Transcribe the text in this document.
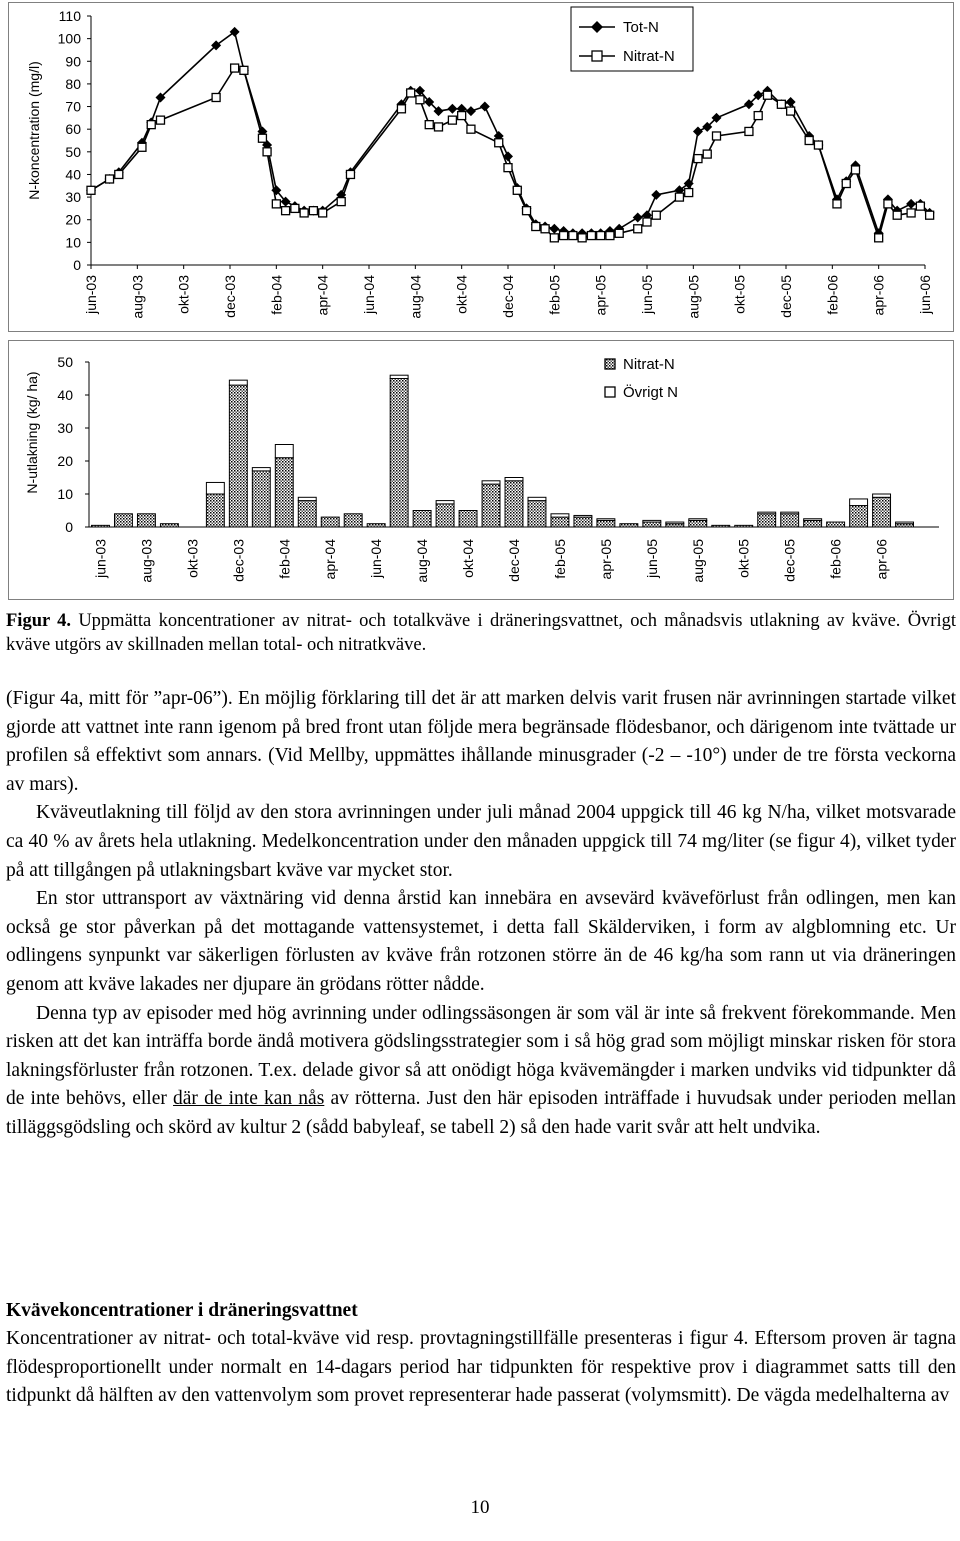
110
100
90
80
70
60
50
40
30
20
10
0
N-koncentration (mg/l)
jun-03 aug-03 okt-03 dec-03 feb-04 apr-04 jun-04 aug-04 okt-04 dec-04 feb-05 apr-05 jun-05 aug-05 okt-05 dec-05 feb-06 apr-06 jun-06
Tot-N
Nitrat-N
50
40
30
20
10
0
N-utlakning (kg/ ha)
jun-03 aug-03 okt-03 dec-03 feb-04 apr-04 jun-04 aug-04 okt-04 dec-04 feb-05 apr-05 jun-05 aug-05 okt-05 dec-05 feb-06 apr-06
Nitrat-N
Övrigt N

Figur 4. Uppmätta koncentrationer av nitrat- och totalkväve i dräneringsvattnet, och månadsvis utlakning av kväve. Övrigt kväve utgörs av skillnaden mellan total- och nitratkväve.

(Figur 4a, mitt för ”apr-06”). En möjlig förklaring till det är att marken delvis varit frusen när avrinningen startade vilket gjorde att vattnet inte rann igenom på bred front utan följde mera begränsade flödesbanor, och därigenom inte tvättade ur profilen så effektivt som annars. (Vid Mellby, uppmättes ihållande minusgrader (-2 – -10°) under de tre första veckorna av mars).

Kväveutlakning till följd av den stora avrinningen under juli månad 2004 uppgick till 46 kg N/ha, vilket motsvarade ca 40 % av årets hela utlakning. Medelkoncentration under den månaden uppgick till 74 mg/liter (se figur 4), vilket tyder på att tillgången på utlakningsbart kväve var mycket stor.

En stor uttransport av växtnäring vid denna årstid kan innebära en avsevärd kväveförlust från odlingen, men kan också ge stor påverkan på det mottagande vattensystemet, i detta fall Skälderviken, i form av algblomning etc. Ur odlingens synpunkt var säkerligen förlusten av kväve från rotzonen större än de 46 kg/ha som rann ut via dräneringen genom att kväve lakades ner djupare än grödans rötter nådde.

Denna typ av episoder med hög avrinning under odlingssäsongen är som väl är inte så frekvent förekommande. Men risken att det kan inträffa borde ändå motivera gödslingsstrategier som i så hög grad som möjligt minskar risken för stora lakningsförluster från rotzonen. T.ex. delade givor så att onödigt höga kvävemängder i marken undviks vid tidpunkter då de inte behövs, eller där de inte kan nås av rötterna. Just den här episoden inträffade i huvudsak under perioden mellan tilläggsgödsling och skörd av kultur 2 (sådd babyleaf, se tabell 2) så den hade varit svår att helt undvika.

Kvävekoncentrationer i dräneringsvattnet

Koncentrationer av nitrat- och total-kväve vid resp. provtagningstillfälle presenteras i figur 4. Eftersom proven är tagna flödesproportionellt under normalt en 14-dagars period har tidpunkten för respektive prov i diagrammet satts till den tidpunkt då hälften av den vattenvolym som provet representerar hade passerat (volymsmitt). De vägda medelhalterna av

10
